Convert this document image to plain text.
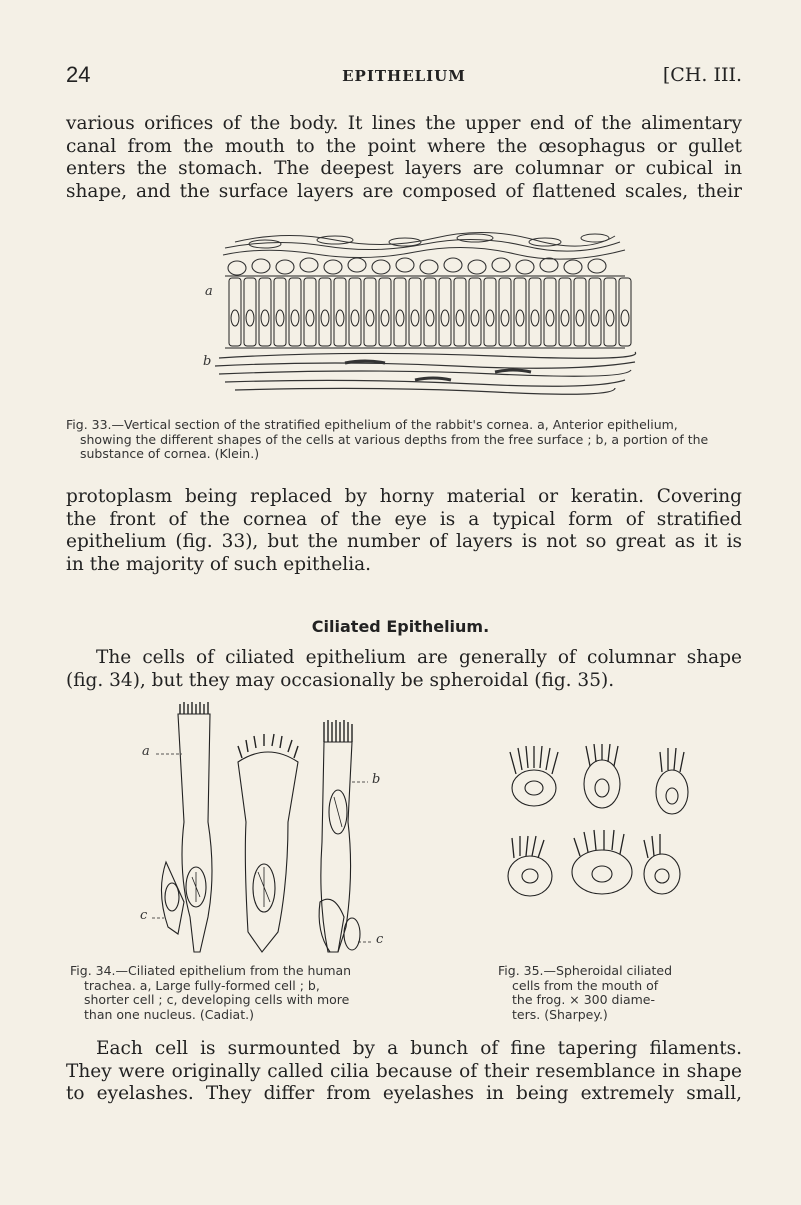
24	EPITHELIUM	[CH. III.
various orifices of the body. It lines the upper end of the alimentary
canal from the mouth to the point where the œsophagus or gullet
enters the stomach. The deepest layers are columnar or cubical in
shape, and the surface layers are composed of flattened scales, their
a
b
Fig. 33.—Vertical section of the stratified epithelium of the rabbit's cornea. a, Anterior epithelium,
showing the different shapes of the cells at various depths from the free surface ; b, a portion of the
substance of cornea. (Klein.)
protoplasm being replaced by horny material or keratin. Covering
the front of the cornea of the eye is a typical form of stratified
epithelium (fig. 33), but the number of layers is not so great as it is
in the majority of such epithelia.
Ciliated Epithelium.
The cells of ciliated epithelium are generally of columnar shape
(fig. 34), but they may occasionally be spheroidal (fig. 35).
a
b
c
c
Fig. 34.—Ciliated epithelium from the human
trachea. a, Large fully-formed cell ; b,
shorter cell ; c, developing cells with more
than one nucleus. (Cadiat.)
Fig. 35.—Spheroidal ciliated
cells from the mouth of
the frog. × 300 diame-
ters. (Sharpey.)
Each cell is surmounted by a bunch of fine tapering filaments.
They were originally called cilia because of their resemblance in shape
to eyelashes. They differ from eyelashes in being extremely small,
